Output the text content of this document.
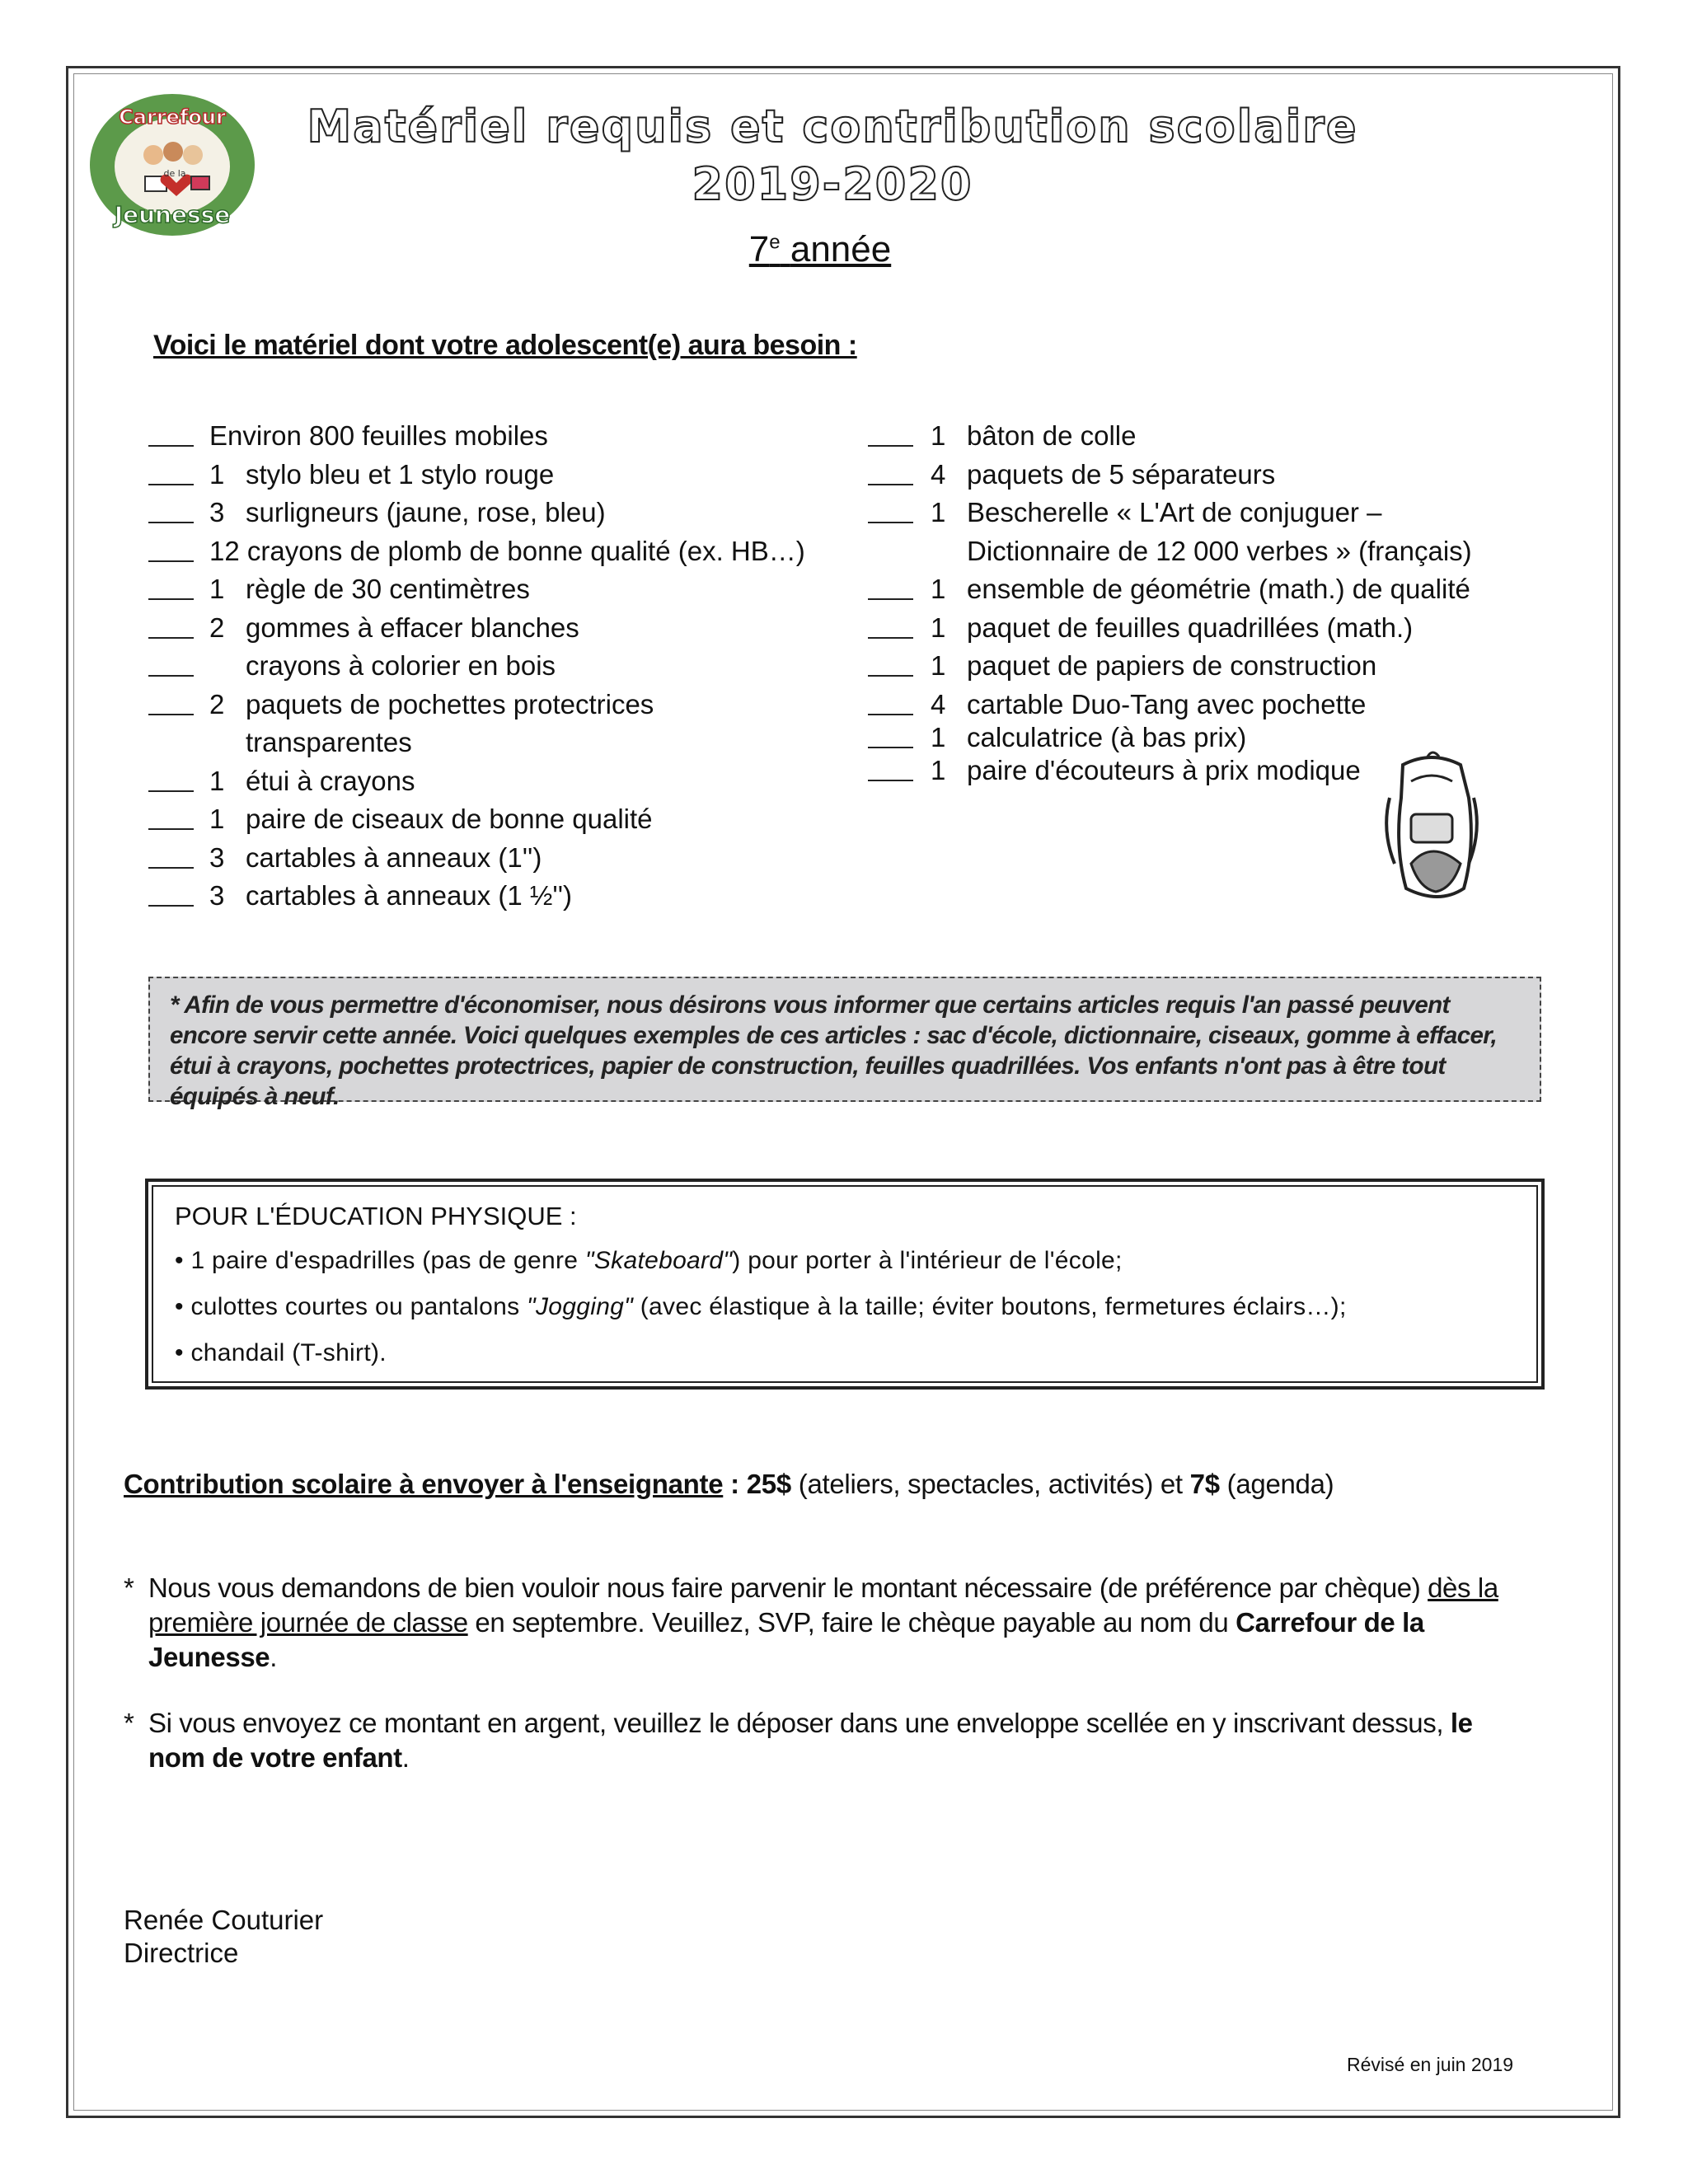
Carrefour
de la
Jeunesse
Matériel requis et contribution scolaire
2019-2020
7e année
Voici le matériel dont votre adolescent(e) aura besoin :
Environ 800 feuilles mobiles
1 stylo bleu et 1 stylo rouge
3 surligneurs (jaune, rose, bleu)
12 crayons de plomb de bonne qualité (ex. HB…)
1 règle de 30 centimètres
2 gommes à effacer blanches
crayons à colorier en bois
2 paquets de pochettes protectrices
transparentes
1 étui à crayons
1 paire de ciseaux de bonne qualité
3 cartables à anneaux (1'')
3 cartables à anneaux (1 ½'')
1 bâton de colle
4 paquets de 5 séparateurs
1 Bescherelle « L'Art de conjuguer –
Dictionnaire de 12 000 verbes » (français)
1 ensemble de géométrie (math.) de qualité
1 paquet de feuilles quadrillées (math.)
1 paquet de papiers de construction
4 cartable Duo-Tang avec pochette
1 calculatrice (à bas prix)
1 paire d'écouteurs à prix modique
* Afin de vous permettre d'économiser, nous désirons vous informer que certains articles requis l'an passé peuvent encore servir cette année. Voici quelques exemples de ces articles : sac d'école, dictionnaire, ciseaux, gomme à effacer, étui à crayons, pochettes protectrices, papier de construction, feuilles quadrillées. Vos enfants n'ont pas à être tout équipés à neuf.
POUR L'ÉDUCATION PHYSIQUE :
• 1 paire d'espadrilles (pas de genre "Skateboard") pour porter à l'intérieur de l'école;
• culottes courtes ou pantalons "Jogging" (avec élastique à la taille; éviter boutons, fermetures éclairs…);
• chandail (T-shirt).
Contribution scolaire à envoyer à l'enseignante : 25$ (ateliers, spectacles, activités) et 7$ (agenda)
* Nous vous demandons de bien vouloir nous faire parvenir le montant nécessaire (de préférence par chèque) dès la première journée de classe en septembre. Veuillez, SVP, faire le chèque payable au nom du Carrefour de la Jeunesse.
* Si vous envoyez ce montant en argent, veuillez le déposer dans une enveloppe scellée en y inscrivant dessus, le nom de votre enfant.
Renée Couturier
Directrice
Révisé en juin 2019
